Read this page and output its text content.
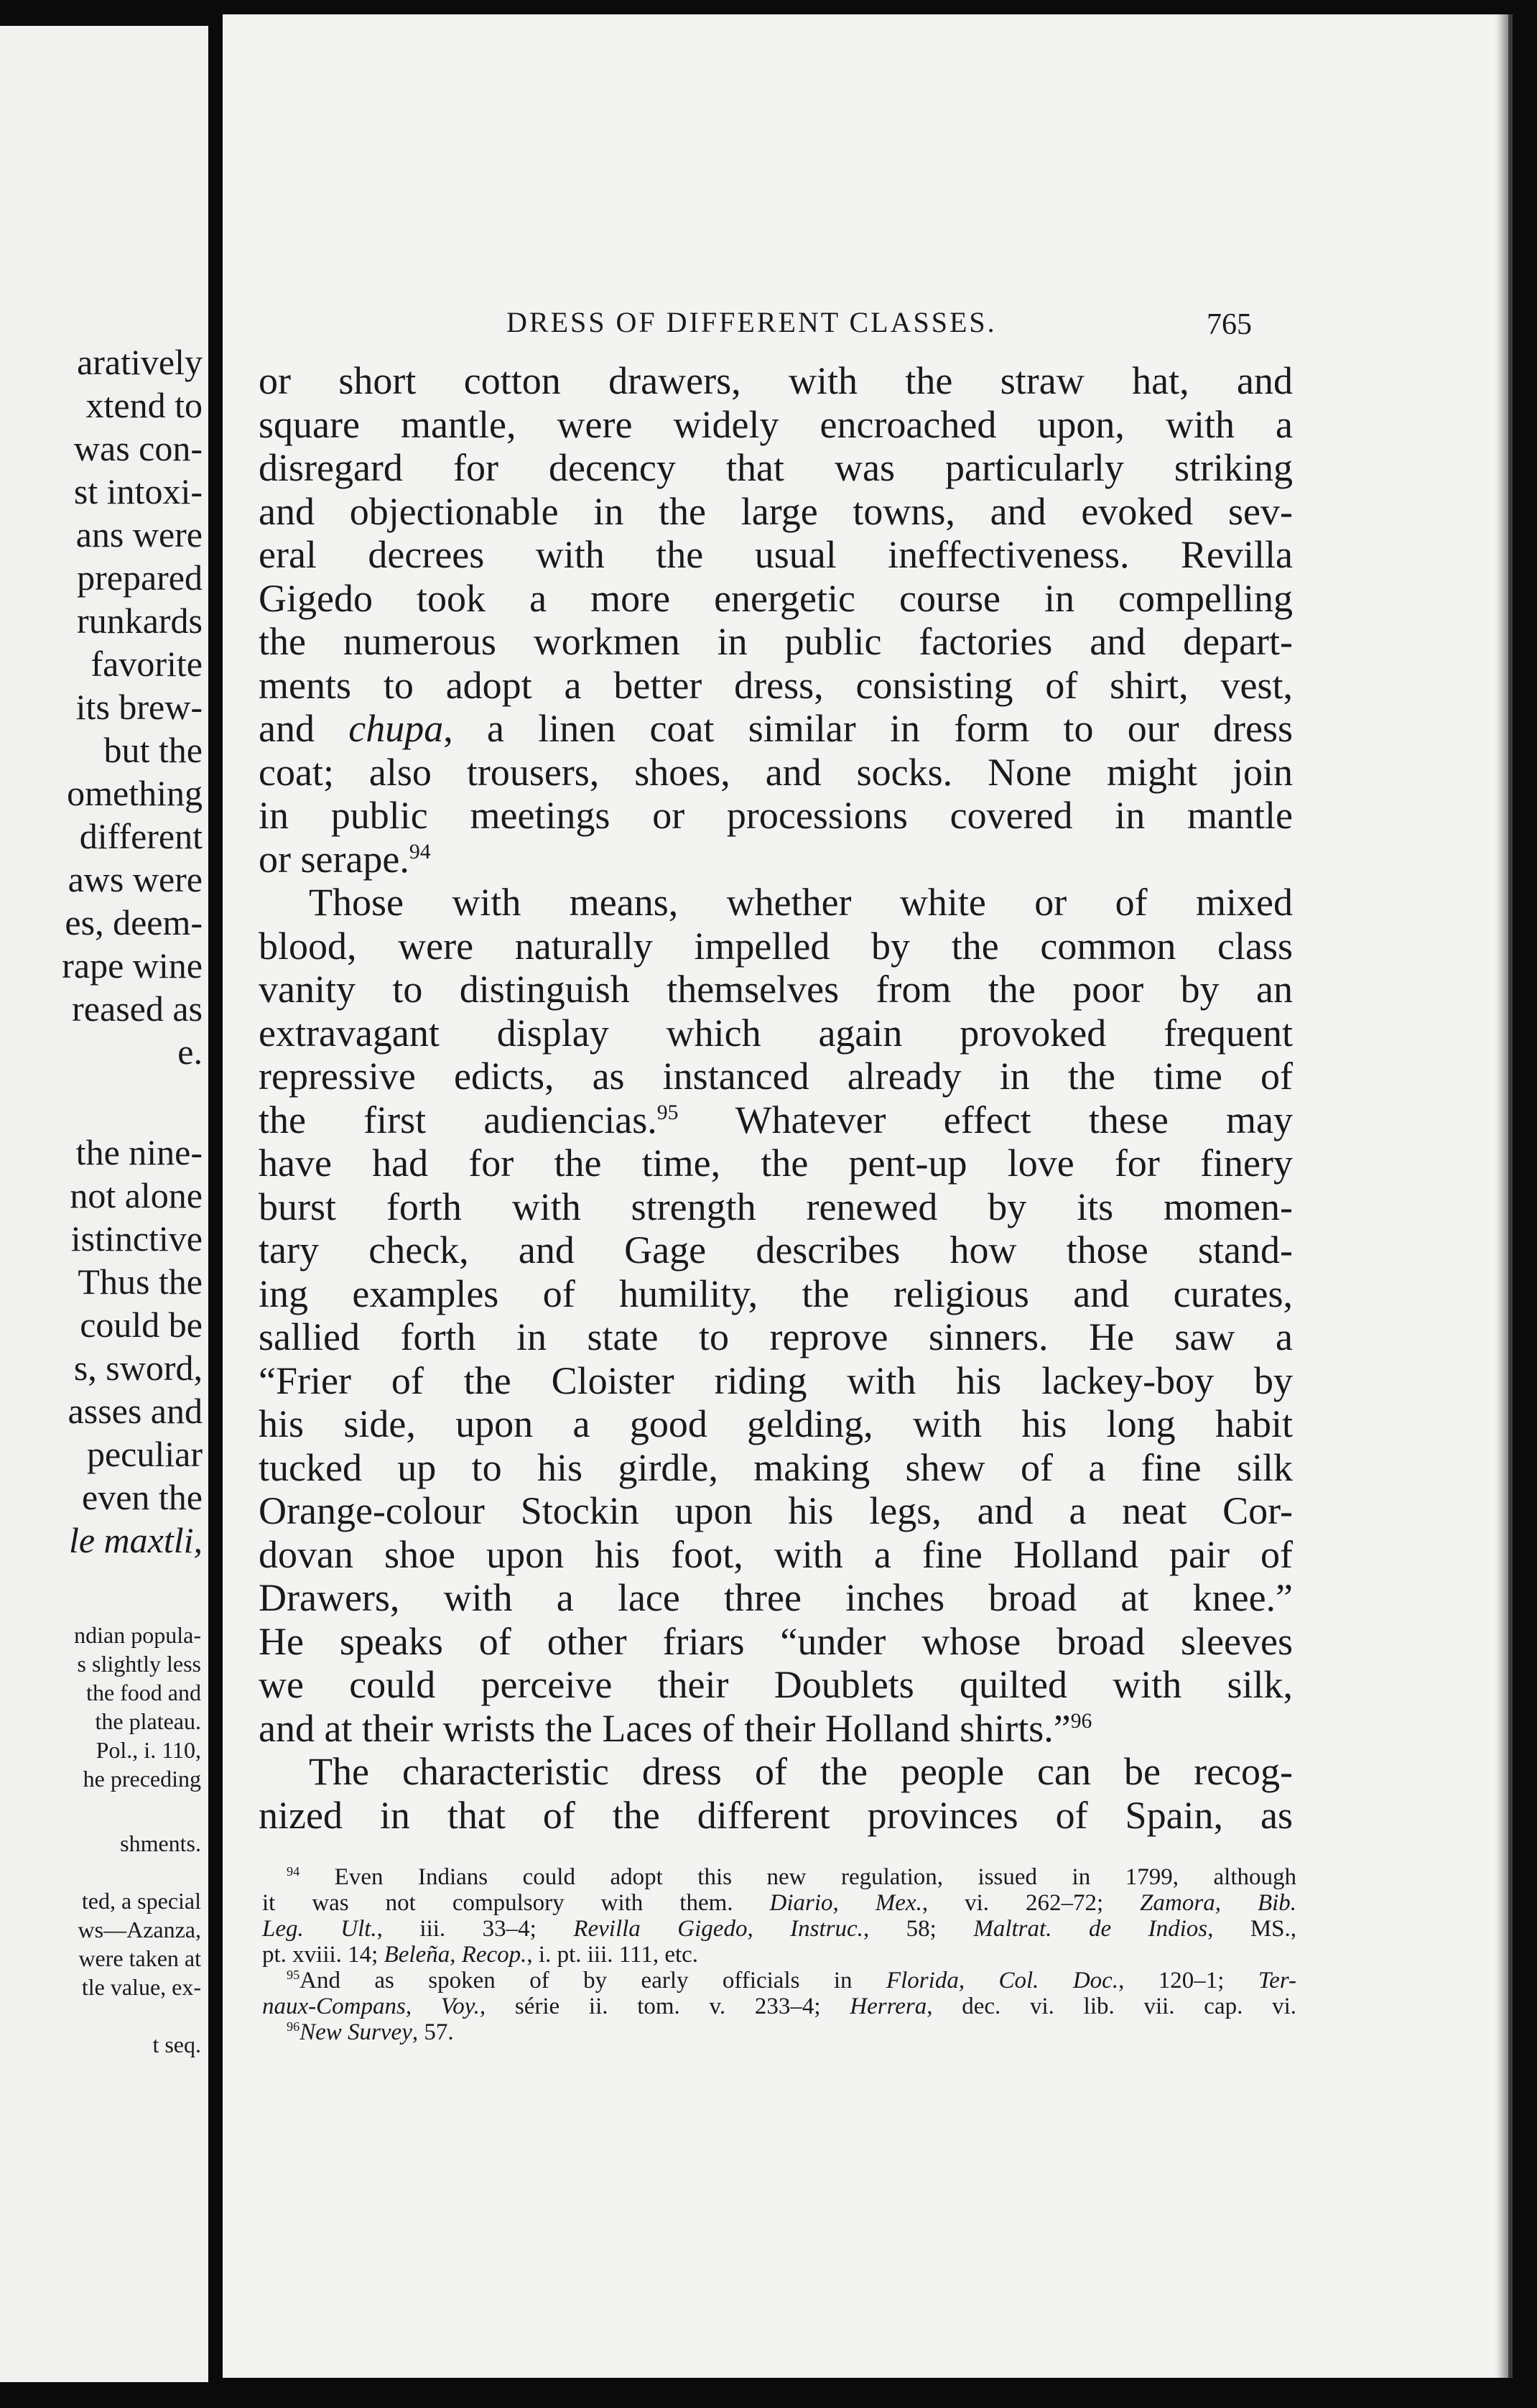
aratively
xtend to
was con-
st intoxi-
ans were
prepared
runkards
favorite
its brew-
but the
omething
different
aws were
es, deem-
rape wine
reased as
e.
the nine-
not alone
istinctive
Thus the
could be
s, sword,
asses and
peculiar
even the
le maxtli,
ndian popula-
s slightly less
the food and
the plateau.
Pol., i. 110,
he preceding
shments.
ted, a special
ws—Azanza,
were taken at
tle value, ex-
t seq.
DRESS OF DIFFERENT CLASSES.	765
or short cotton drawers, with the straw hat, and
square mantle, were widely encroached upon, with a
disregard for decency that was particularly striking
and objectionable in the large towns, and evoked sev-
eral decrees with the usual ineffectiveness. Revilla
Gigedo took a more energetic course in compelling
the numerous workmen in public factories and depart-
ments to adopt a better dress, consisting of shirt, vest,
and chupa, a linen coat similar in form to our dress
coat; also trousers, shoes, and socks. None might join
in public meetings or processions covered in mantle
or serape.$^{94}$
Those with means, whether white or of mixed
blood, were naturally impelled by the common class
vanity to distinguish themselves from the poor by an
extravagant display which again provoked frequent
repressive edicts, as instanced already in the time of
the first audiencias.$^{95}$ Whatever effect these may
have had for the time, the pent-up love for finery
burst forth with strength renewed by its momen-
tary check, and Gage describes how those stand-
ing examples of humility, the religious and curates,
sallied forth in state to reprove sinners. He saw a
“Frier of the Cloister riding with his lackey-boy by
his side, upon a good gelding, with his long habit
tucked up to his girdle, making shew of a fine silk
Orange-colour Stockin upon his legs, and a neat Cor-
dovan shoe upon his foot, with a fine Holland pair of
Drawers, with a lace three inches broad at knee.”
He speaks of other friars “under whose broad sleeves
we could perceive their Doublets quilted with silk,
and at their wrists the Laces of their Holland shirts.”$^{96}$
The characteristic dress of the people can be recog-
nized in that of the different provinces of Spain, as
$^{94}$ Even Indians could adopt this new regulation, issued in 1799, although
it was not compulsory with them. Diario, Mex., vi. 262–72; Zamora, Bib.
Leg. Ult., iii. 33–4; Revilla Gigedo, Instruc., 58; Maltrat. de Indios, MS.,
pt. xviii. 14; Beleña, Recop., i. pt. iii. 111, etc.
$^{95}$And as spoken of by early officials in Florida, Col. Doc., 120–1; Ter-
naux-Compans, Voy., série ii. tom. v. 233–4; Herrera, dec. vi. lib. vii. cap. vi.
$^{96}$New Survey, 57.
